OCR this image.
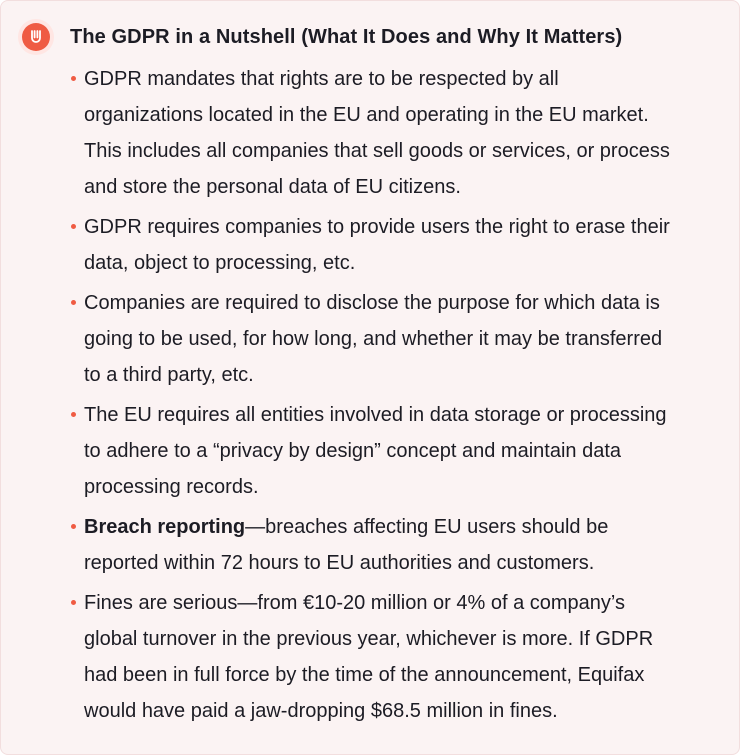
The GDPR in a Nutshell (What It Does and Why It Matters)
GDPR mandates that rights are to be respected by all organizations located in the EU and operating in the EU market. This includes all companies that sell goods or services, or process and store the personal data of EU citizens.
GDPR requires companies to provide users the right to erase their data, object to processing, etc.
Companies are required to disclose the purpose for which data is going to be used, for how long, and whether it may be transferred to a third party, etc.
The EU requires all entities involved in data storage or processing to adhere to a “privacy by design” concept and maintain data processing records.
Breach reporting—breaches affecting EU users should be reported within 72 hours to EU authorities and customers.
Fines are serious—from €10-20 million or 4% of a company’s global turnover in the previous year, whichever is more. If GDPR had been in full force by the time of the announcement, Equifax would have paid a jaw-dropping $68.5 million in fines.
